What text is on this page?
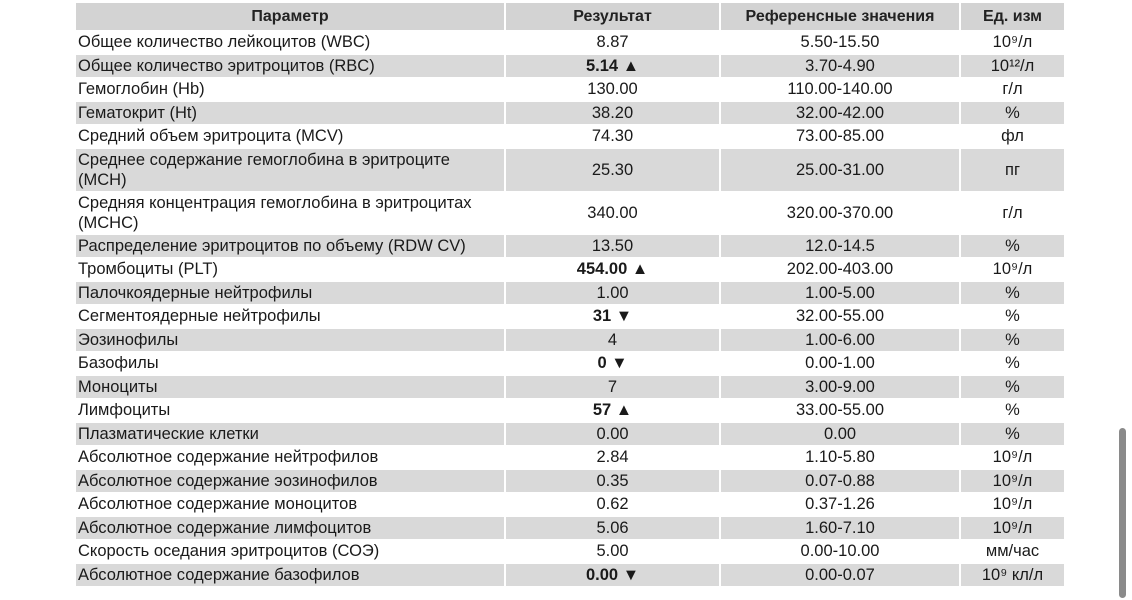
Параметр	Результат	Референсные значения	Ед. изм
Общее количество лейкоцитов (WBC)	8.87	5.50-15.50	10⁹/л
Общее количество эритроцитов (RBC)	5.14 ▲	3.70-4.90	10¹²/л
Гемоглобин (Hb)	130.00	110.00-140.00	г/л
Гематокрит (Ht)	38.20	32.00-42.00	%
Средний объем эритроцита (MCV)	74.30	73.00-85.00	фл
Среднее содержание гемоглобина в эритроците (MCH)	25.30	25.00-31.00	пг
Средняя концентрация гемоглобина в эритроцитах (MCHC)	340.00	320.00-370.00	г/л
Распределение эритроцитов по объему (RDW CV)	13.50	12.0-14.5	%
Тромбоциты (PLT)	454.00 ▲	202.00-403.00	10⁹/л
Палочкоядерные нейтрофилы	1.00	1.00-5.00	%
Сегментоядерные нейтрофилы	31 ▼	32.00-55.00	%
Эозинофилы	4	1.00-6.00	%
Базофилы	0 ▼	0.00-1.00	%
Моноциты	7	3.00-9.00	%
Лимфоциты	57 ▲	33.00-55.00	%
Плазматические клетки	0.00	0.00	%
Абсолютное содержание нейтрофилов	2.84	1.10-5.80	10⁹/л
Абсолютное содержание эозинофилов	0.35	0.07-0.88	10⁹/л
Абсолютное содержание моноцитов	0.62	0.37-1.26	10⁹/л
Абсолютное содержание лимфоцитов	5.06	1.60-7.10	10⁹/л
Скорость оседания эритроцитов (СОЭ)	5.00	0.00-10.00	мм/час
Абсолютное содержание базофилов	0.00 ▼	0.00-0.07	10⁹ кл/л
